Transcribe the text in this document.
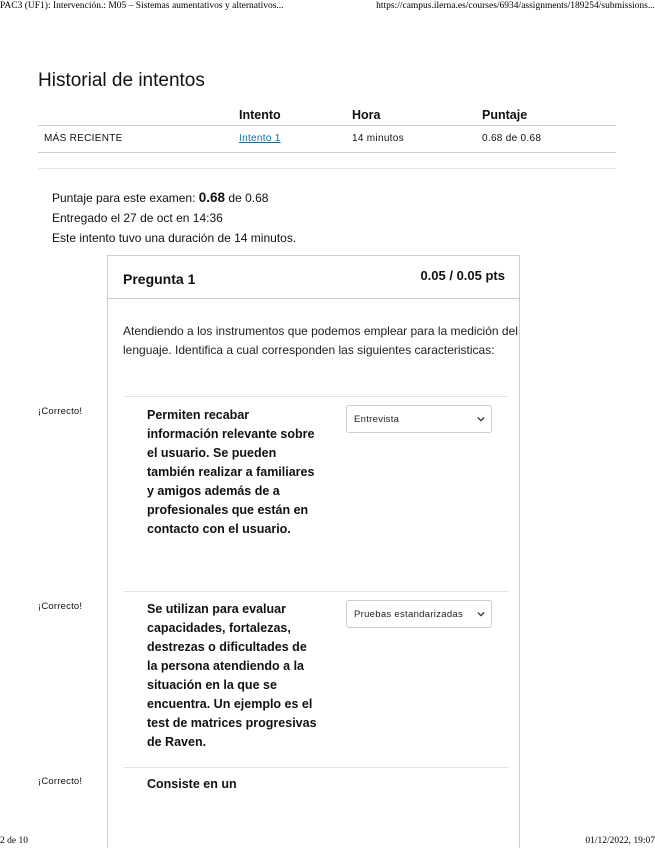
PAC3 (UF1): Intervención.: M05 – Sistemas aumentativos y alternativos...	https://campus.ilerna.es/courses/6934/assignments/189254/submissions...
Historial de intentos
	Intento	Hora	Puntaje
MÁS RECIENTE	Intento 1	14 minutos	0.68 de 0.68
Puntaje para este examen: 0.68 de 0.68
Entregado el 27 de oct en 14:36
Este intento tuvo una duración de 14 minutos.
¡Correcto!
¡Correcto!
¡Correcto!
Pregunta 1	0.05 / 0.05 pts
Atendiendo a los instrumentos que podemos emplear para la medición del lenguaje. Identifica a cual corresponden las siguientes caracteristicas:
Permiten recabar información relevante sobre el usuario. Se pueden también realizar a familiares y amigos además de a profesionales que están en contacto con el usuario.
Entrevista
Se utilizan para evaluar capacidades, fortalezas, destrezas o dificultades de la persona atendiendo a la situación en la que se encuentra. Un ejemplo es el test de matrices progresivas de Raven.
Pruebas estandarizadas
Consiste en un
2 de 10	01/12/2022, 19:07
